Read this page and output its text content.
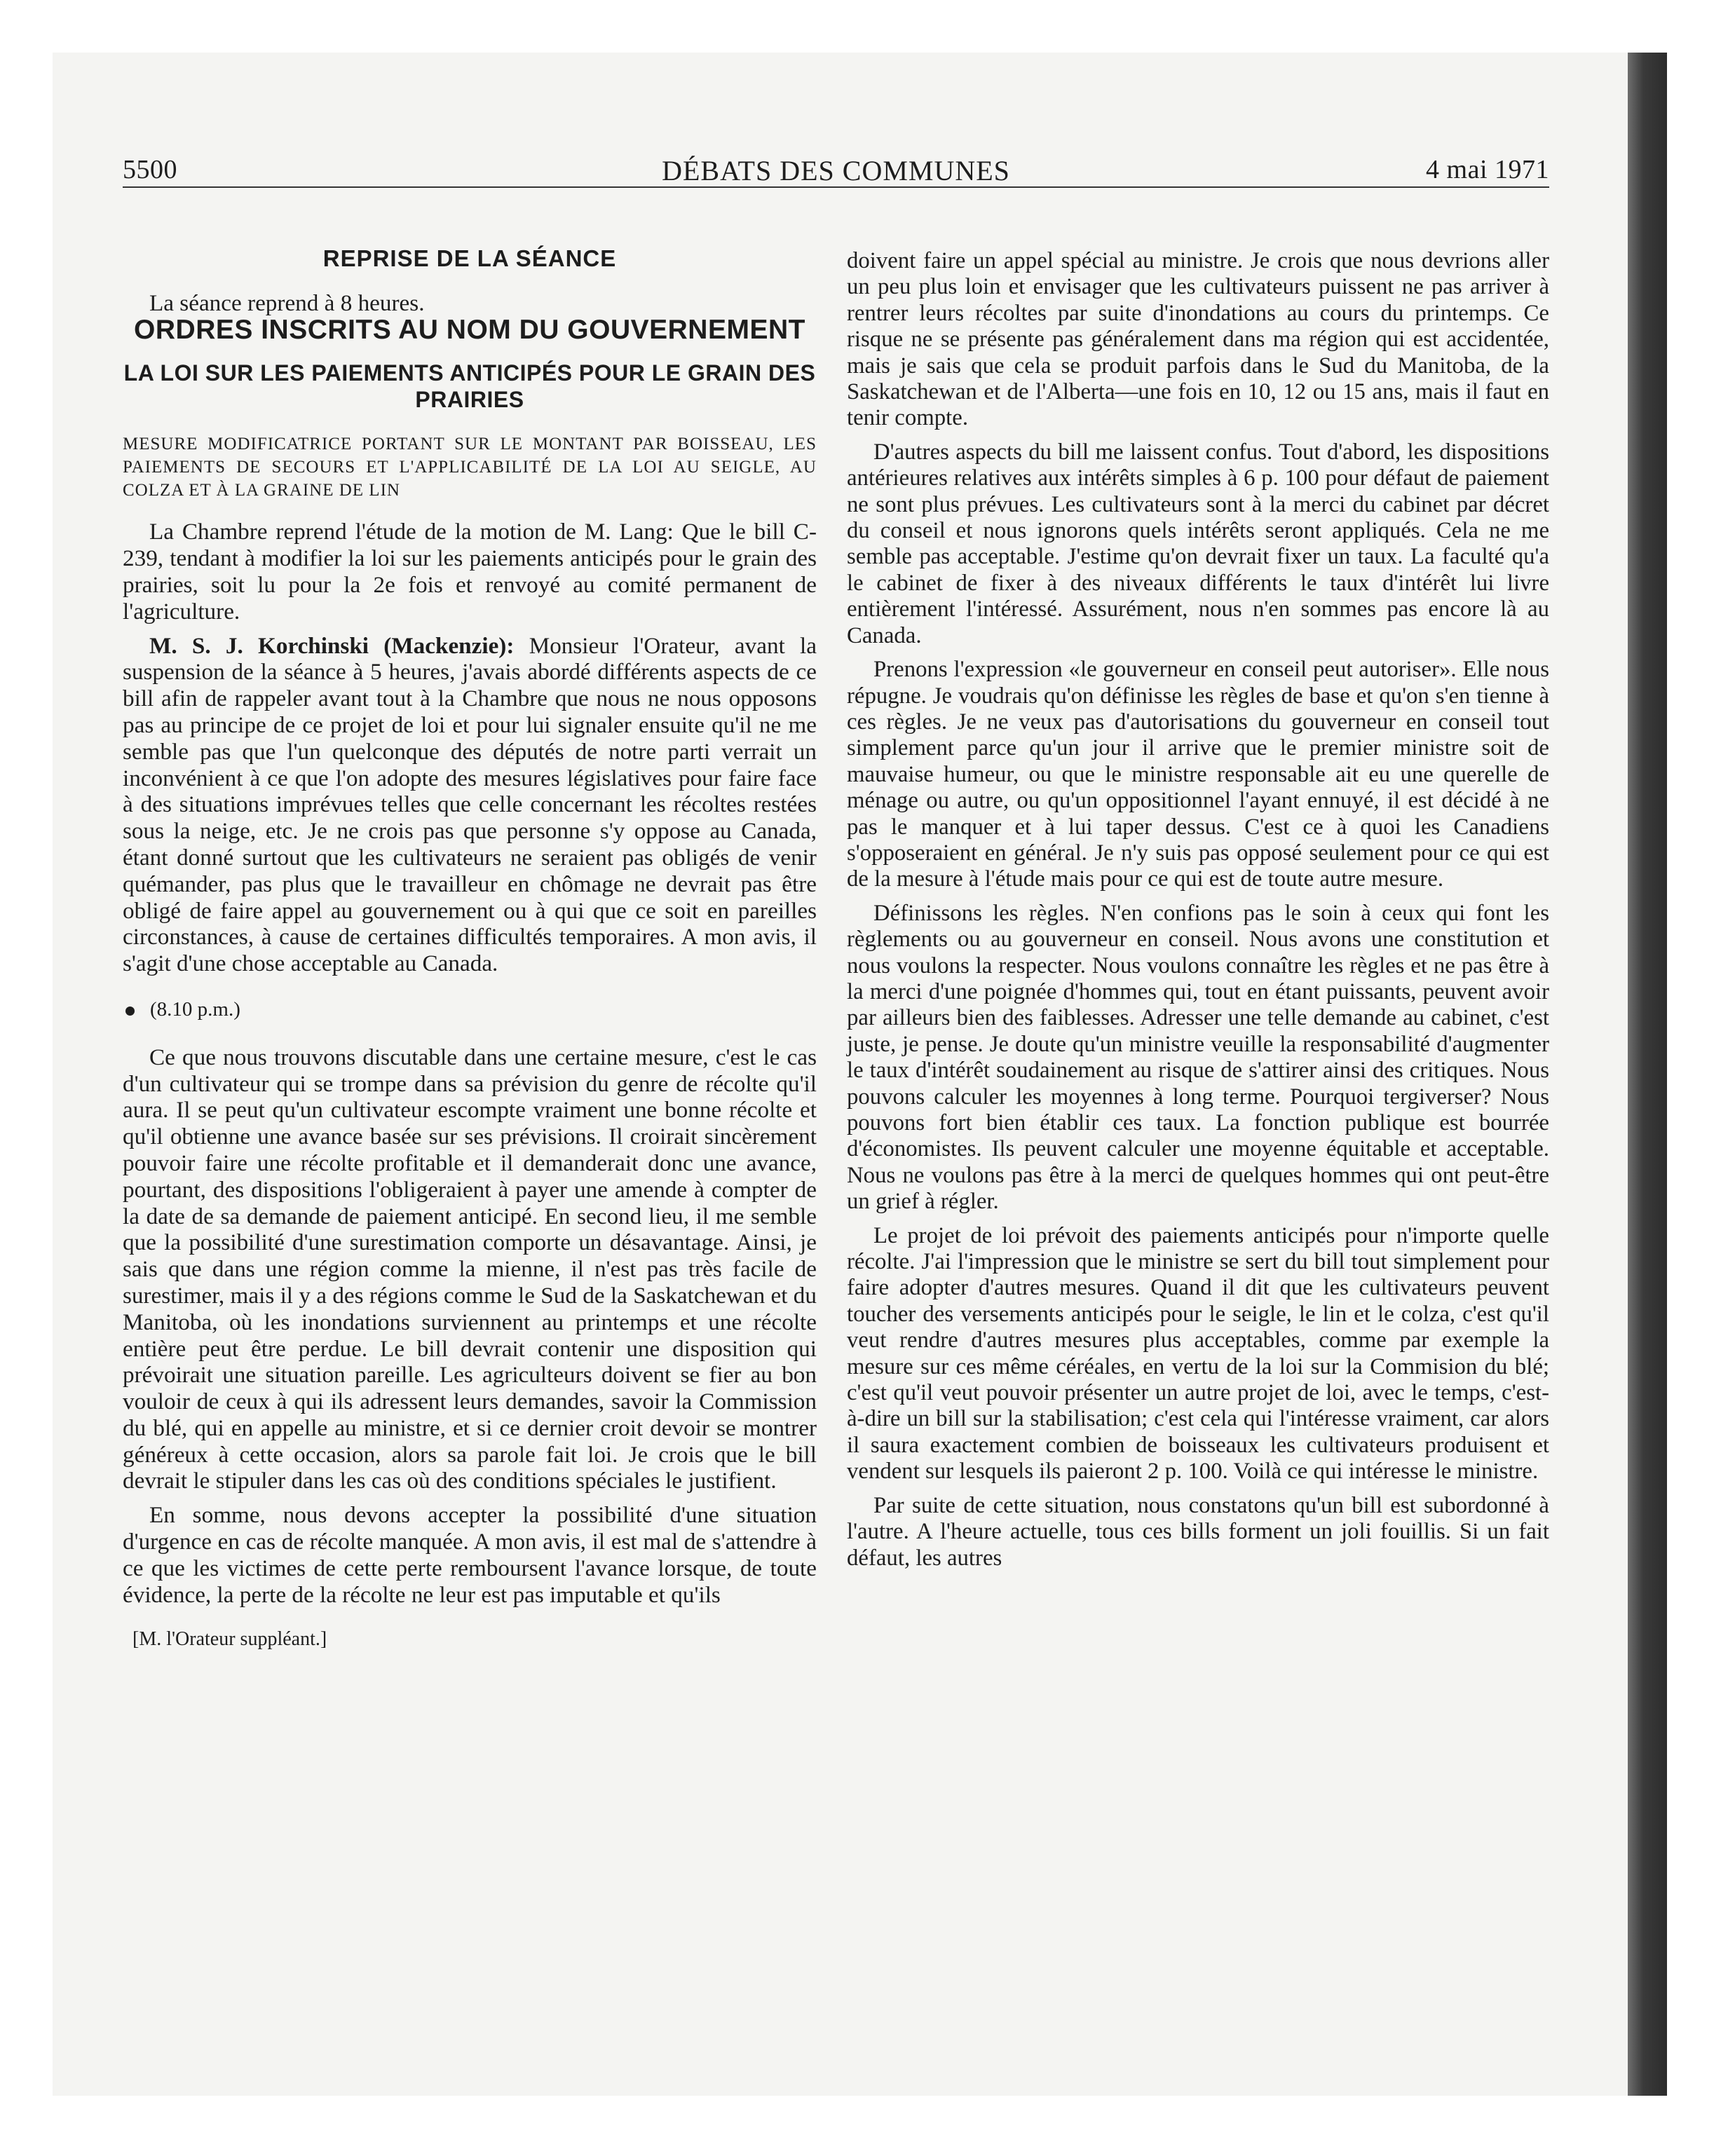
5500	DÉBATS DES COMMUNES	4 mai 1971
REPRISE DE LA SÉANCE

La séance reprend à 8 heures.

ORDRES INSCRITS AU NOM DU GOUVERNEMENT
LA LOI SUR LES PAIEMENTS ANTICIPÉS POUR LE GRAIN DES PRAIRIES
MESURE MODIFICATRICE PORTANT SUR LE MONTANT PAR BOISSEAU, LES PAIEMENTS DE SECOURS ET L'APPLICABILITÉ DE LA LOI AU SEIGLE, AU COLZA ET À LA GRAINE DE LIN

La Chambre reprend l'étude de la motion de M. Lang: Que le bill C-239, tendant à modifier la loi sur les paiements anticipés pour le grain des prairies, soit lu pour la 2e fois et renvoyé au comité permanent de l'agriculture.

M. S. J. Korchinski (Mackenzie): Monsieur l'Orateur, avant la suspension de la séance à 5 heures, j'avais abordé différents aspects de ce bill afin de rappeler avant tout à la Chambre que nous ne nous opposons pas au principe de ce projet de loi et pour lui signaler ensuite qu'il ne me semble pas que l'un quelconque des députés de notre parti verrait un inconvénient à ce que l'on adopte des mesures législatives pour faire face à des situations imprévues telles que celle concernant les récoltes restées sous la neige, etc. Je ne crois pas que personne s'y oppose au Canada, étant donné surtout que les cultivateurs ne seraient pas obligés de venir quémander, pas plus que le travailleur en chômage ne devrait pas être obligé de faire appel au gouvernement ou à qui que ce soit en pareilles circonstances, à cause de certaines difficultés temporaires. A mon avis, il s'agit d'une chose acceptable au Canada.

(8.10 p.m.)

Ce que nous trouvons discutable dans une certaine mesure, c'est le cas d'un cultivateur qui se trompe dans sa prévision du genre de récolte qu'il aura. Il se peut qu'un cultivateur escompte vraiment une bonne récolte et qu'il obtienne une avance basée sur ses prévisions. Il croirait sincèrement pouvoir faire une récolte profitable et il demanderait donc une avance, pourtant, des dispositions l'obligeraient à payer une amende à compter de la date de sa demande de paiement anticipé. En second lieu, il me semble que la possibilité d'une surestimation comporte un désavantage. Ainsi, je sais que dans une région comme la mienne, il n'est pas très facile de surestimer, mais il y a des régions comme le Sud de la Saskatchewan et du Manitoba, où les inondations surviennent au printemps et une récolte entière peut être perdue. Le bill devrait contenir une disposition qui prévoirait une situation pareille. Les agriculteurs doivent se fier au bon vouloir de ceux à qui ils adressent leurs demandes, savoir la Commission du blé, qui en appelle au ministre, et si ce dernier croit devoir se montrer généreux à cette occasion, alors sa parole fait loi. Je crois que le bill devrait le stipuler dans les cas où des conditions spéciales le justifient.

En somme, nous devons accepter la possibilité d'une situation d'urgence en cas de récolte manquée. A mon avis, il est mal de s'attendre à ce que les victimes de cette perte remboursent l'avance lorsque, de toute évidence, la perte de la récolte ne leur est pas imputable et qu'ils

[M. l'Orateur suppléant.]

doivent faire un appel spécial au ministre. Je crois que nous devrions aller un peu plus loin et envisager que les cultivateurs puissent ne pas arriver à rentrer leurs récoltes par suite d'inondations au cours du printemps. Ce risque ne se présente pas généralement dans ma région qui est accidentée, mais je sais que cela se produit parfois dans le Sud du Manitoba, de la Saskatchewan et de l'Alberta—une fois en 10, 12 ou 15 ans, mais il faut en tenir compte.

D'autres aspects du bill me laissent confus. Tout d'abord, les dispositions antérieures relatives aux intérêts simples à 6 p. 100 pour défaut de paiement ne sont plus prévues. Les cultivateurs sont à la merci du cabinet par décret du conseil et nous ignorons quels intérêts seront appliqués. Cela ne me semble pas acceptable. J'estime qu'on devrait fixer un taux. La faculté qu'a le cabinet de fixer à des niveaux différents le taux d'intérêt lui livre entièrement l'intéressé. Assurément, nous n'en sommes pas encore là au Canada.

Prenons l'expression «le gouverneur en conseil peut autoriser». Elle nous répugne. Je voudrais qu'on définisse les règles de base et qu'on s'en tienne à ces règles. Je ne veux pas d'autorisations du gouverneur en conseil tout simplement parce qu'un jour il arrive que le premier ministre soit de mauvaise humeur, ou que le ministre responsable ait eu une querelle de ménage ou autre, ou qu'un oppositionnel l'ayant ennuyé, il est décidé à ne pas le manquer et à lui taper dessus. C'est ce à quoi les Canadiens s'opposeraient en général. Je n'y suis pas opposé seulement pour ce qui est de la mesure à l'étude mais pour ce qui est de toute autre mesure.

Définissons les règles. N'en confions pas le soin à ceux qui font les règlements ou au gouverneur en conseil. Nous avons une constitution et nous voulons la respecter. Nous voulons connaître les règles et ne pas être à la merci d'une poignée d'hommes qui, tout en étant puissants, peuvent avoir par ailleurs bien des faiblesses. Adresser une telle demande au cabinet, c'est juste, je pense. Je doute qu'un ministre veuille la responsabilité d'augmenter le taux d'intérêt soudainement au risque de s'attirer ainsi des critiques. Nous pouvons calculer les moyennes à long terme. Pourquoi tergiverser? Nous pouvons fort bien établir ces taux. La fonction publique est bourrée d'économistes. Ils peuvent calculer une moyenne équitable et acceptable. Nous ne voulons pas être à la merci de quelques hommes qui ont peut-être un grief à régler.

Le projet de loi prévoit des paiements anticipés pour n'importe quelle récolte. J'ai l'impression que le ministre se sert du bill tout simplement pour faire adopter d'autres mesures. Quand il dit que les cultivateurs peuvent toucher des versements anticipés pour le seigle, le lin et le colza, c'est qu'il veut rendre d'autres mesures plus acceptables, comme par exemple la mesure sur ces même céréales, en vertu de la loi sur la Commision du blé; c'est qu'il veut pouvoir présenter un autre projet de loi, avec le temps, c'est-à-dire un bill sur la stabilisation; c'est cela qui l'intéresse vraiment, car alors il saura exactement combien de boisseaux les cultivateurs produisent et vendent sur lesquels ils paieront 2 p. 100. Voilà ce qui intéresse le ministre.

Par suite de cette situation, nous constatons qu'un bill est subordonné à l'autre. A l'heure actuelle, tous ces bills forment un joli fouillis. Si un fait défaut, les autres
